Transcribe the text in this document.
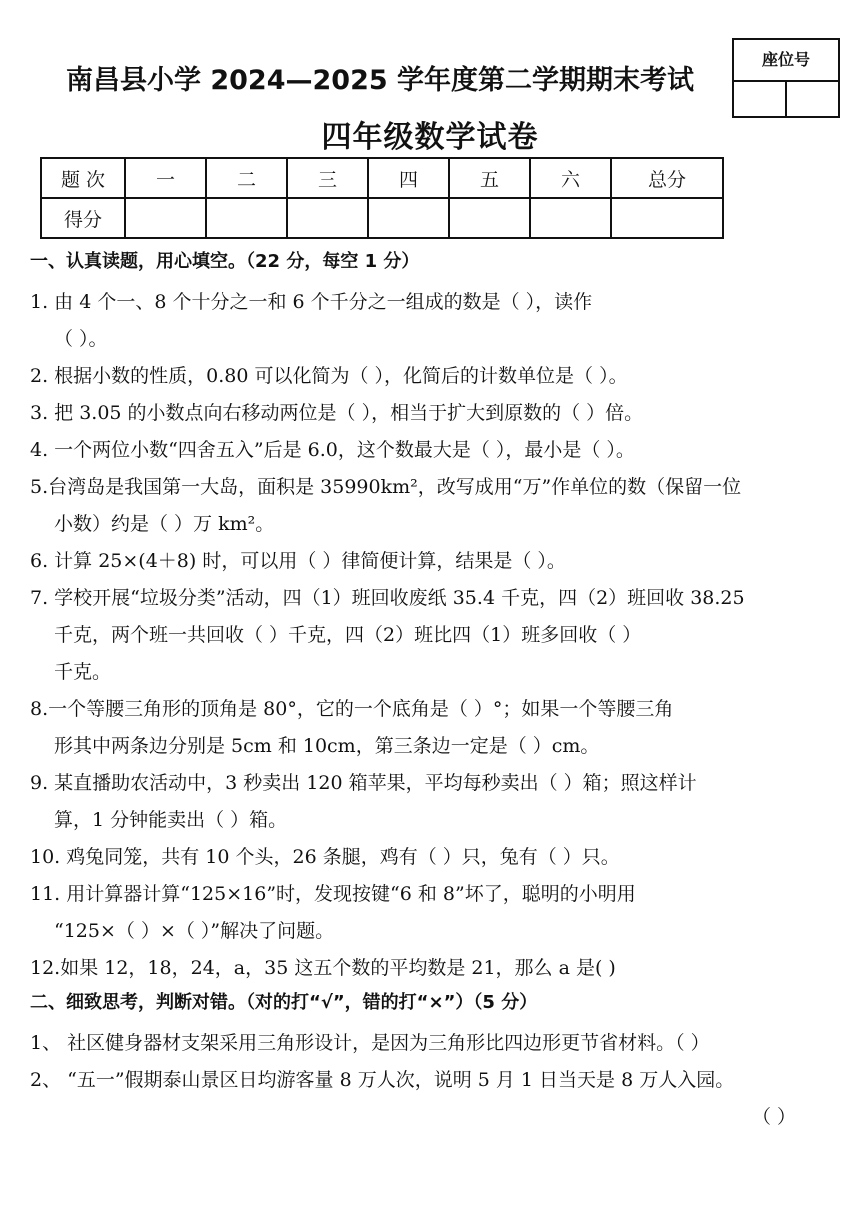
南昌县小学 2024—2025 学年度第二学期期末考试
四年级数学试卷
座位号
题 次	一	二	三	四	五	六	总分
得分							
一、认真读题，用心填空。（22 分，每空 1 分）
1. 由 4 个一、8 个十分之一和 6 个千分之一组成的数是（ ），读作
（ ）。
2. 根据小数的性质，0.80 可以化简为（ ），化简后的计数单位是（ ）。
3. 把 3.05 的小数点向右移动两位是（ ），相当于扩大到原数的（ ）倍。
4. 一个两位小数“四舍五入”后是 6.0，这个数最大是（ ），最小是（ ）。
5.台湾岛是我国第一大岛，面积是 35990km²，改写成用“万”作单位的数（保留一位
小数）约是（ ）万 km²。
6. 计算 25×(4＋8) 时，可以用（ ）律简便计算，结果是（ ）。
7. 学校开展“垃圾分类”活动，四（1）班回收废纸 35.4 千克，四（2）班回收 38.25
千克，两个班一共回收（ ）千克，四（2）班比四（1）班多回收（ ）
千克。
8.一个等腰三角形的顶角是 80°，它的一个底角是（ ）°；如果一个等腰三角
形其中两条边分别是 5cm 和 10cm，第三条边一定是（ ）cm。
9. 某直播助农活动中，3 秒卖出 120 箱苹果，平均每秒卖出（ ）箱；照这样计
算，1 分钟能卖出（ ）箱。
10. 鸡兔同笼，共有 10 个头，26 条腿，鸡有（ ）只，兔有（ ）只。
11. 用计算器计算“125×16”时，发现按键“6 和 8”坏了，聪明的小明用
“125×（ ）×（ ）”解决了问题。
12.如果 12，18，24，a，35 这五个数的平均数是 21，那么 a 是( )
二、细致思考，判断对错。（对的打“√”，错的打“×”）（5 分）
1、 社区健身器材支架采用三角形设计，是因为三角形比四边形更节省材料。（ ）
2、 “五一”假期泰山景区日均游客量 8 万人次，说明 5 月 1 日当天是 8 万人入园。
（ ）
